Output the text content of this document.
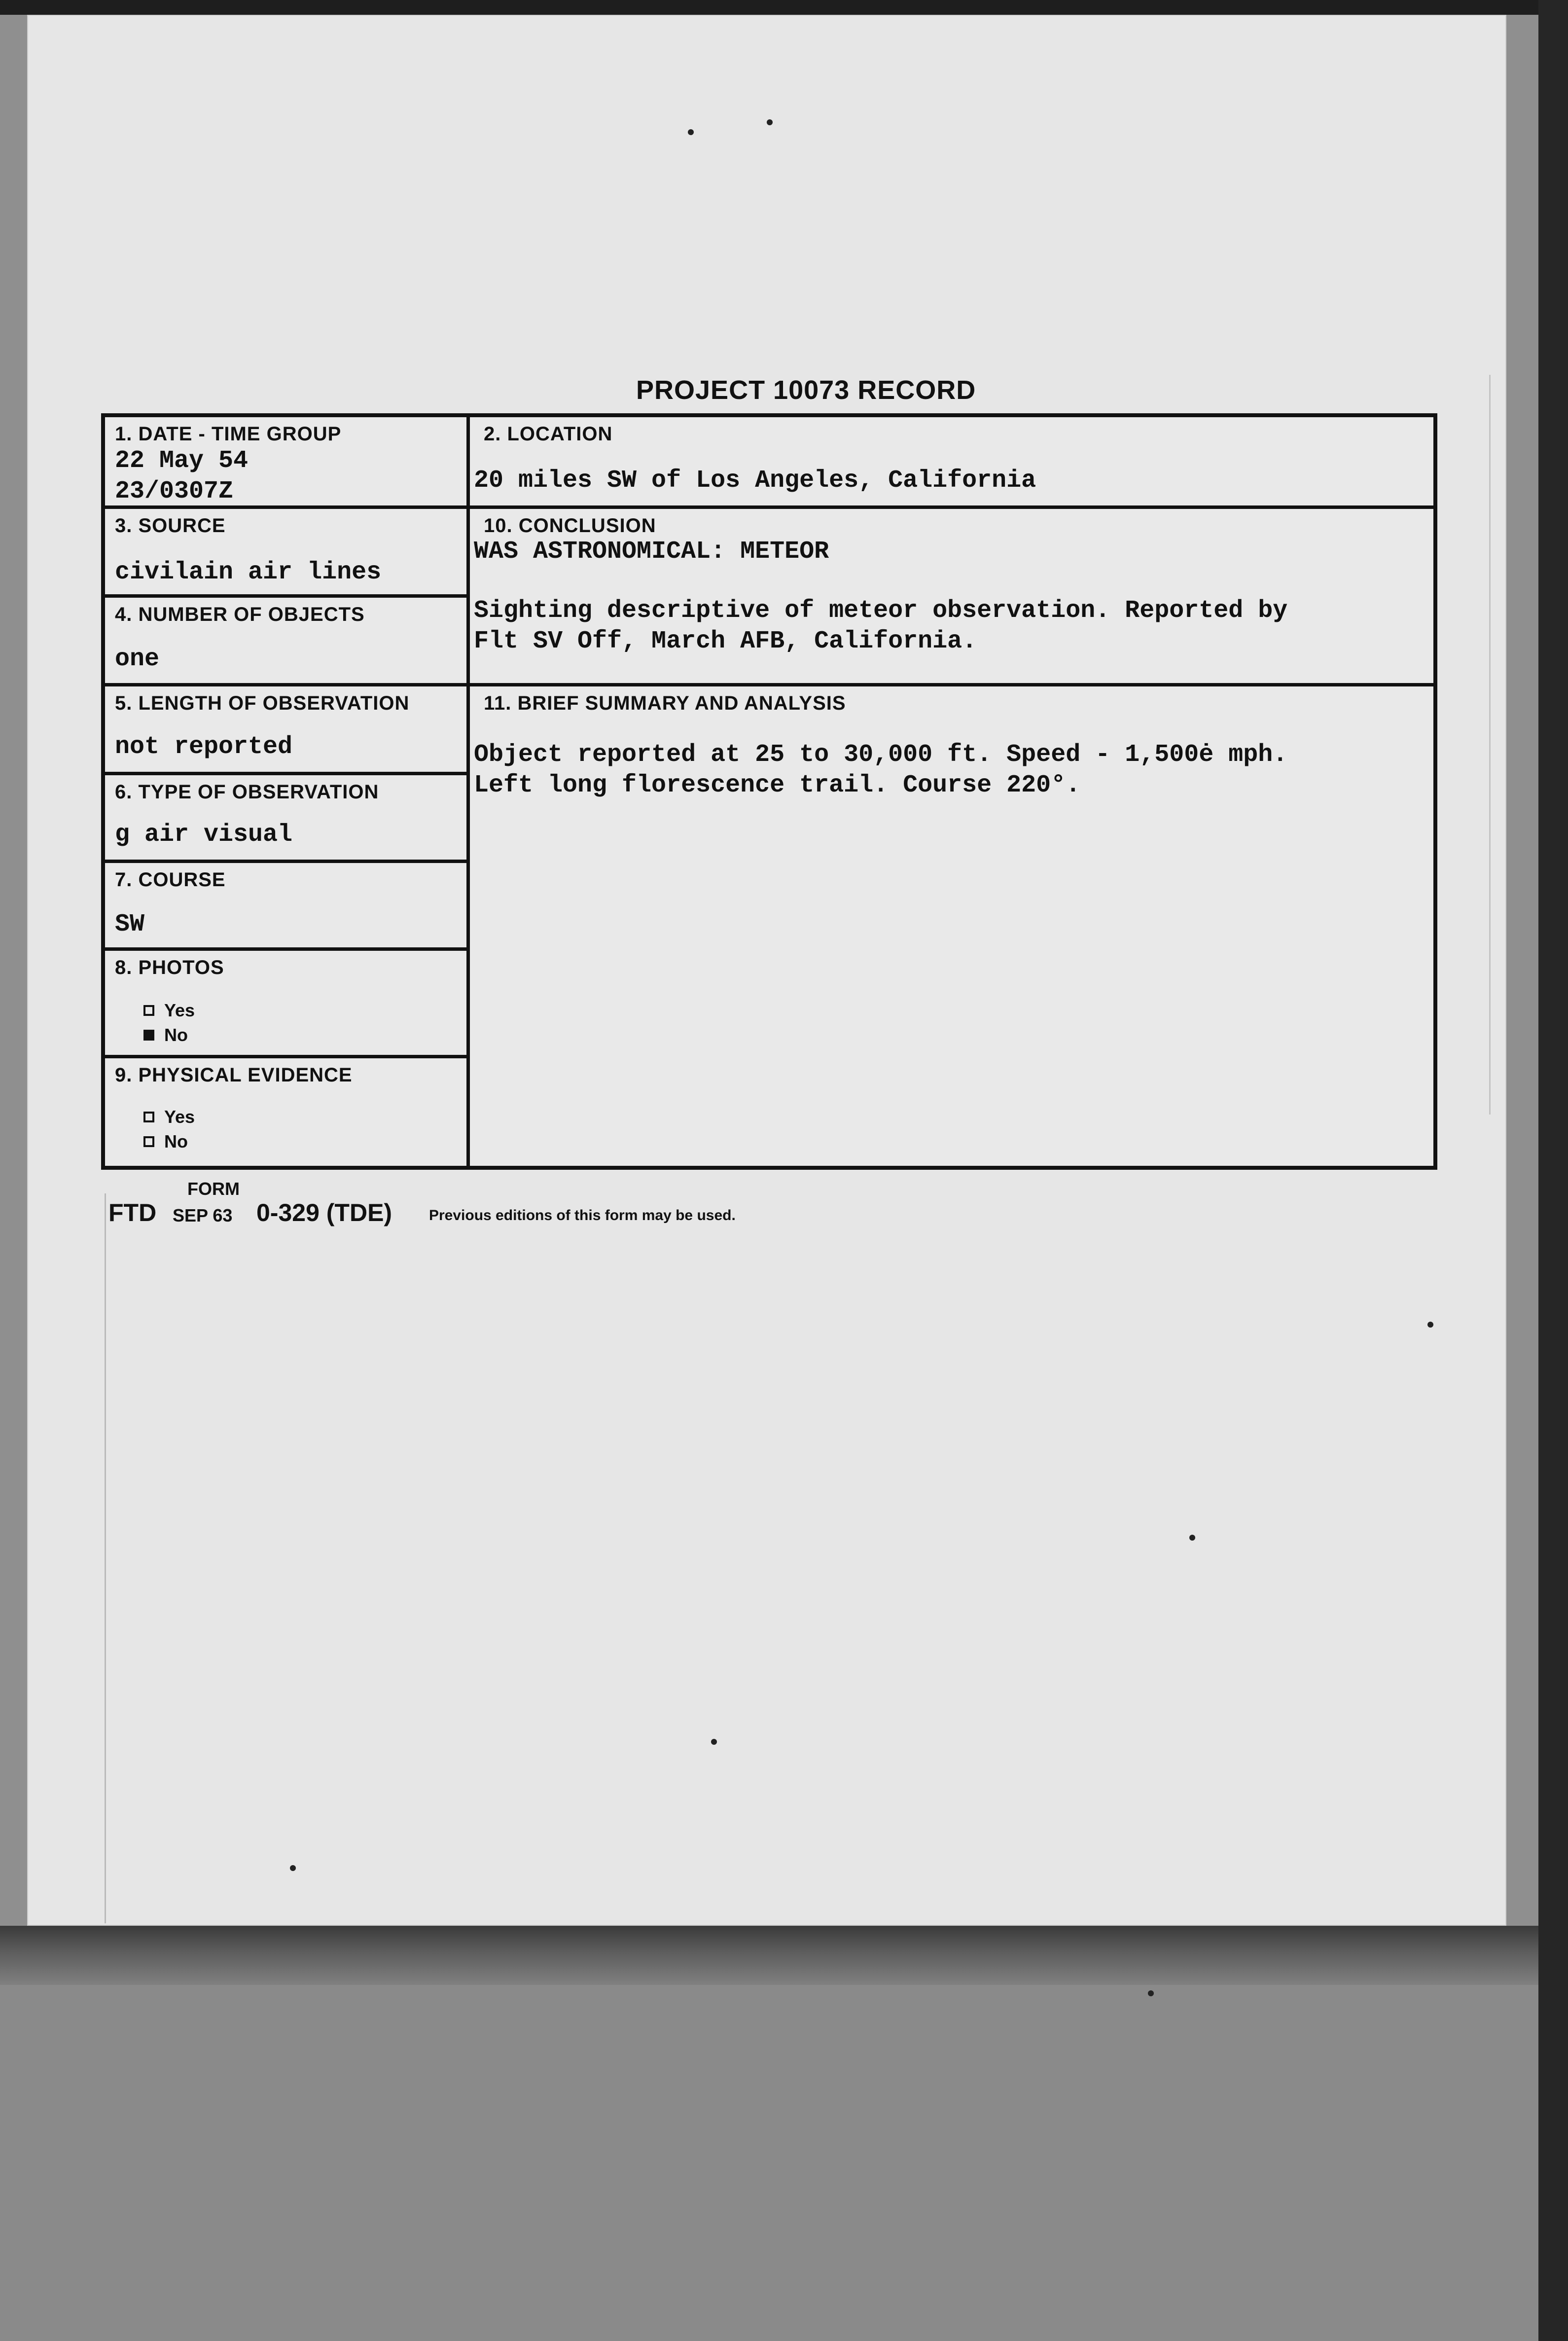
PROJECT 10073 RECORD
1. DATE - TIME GROUP
22 May 54
23/0307Z
3. SOURCE
civilain air lines
4. NUMBER OF OBJECTS
one
5. LENGTH OF OBSERVATION
not reported
6. TYPE OF OBSERVATION
g air visual
7. COURSE
SW
8. PHOTOS
Yes
No
9. PHYSICAL EVIDENCE
Yes
No
2. LOCATION
20 miles SW of Los Angeles, California
10. CONCLUSION
WAS ASTRONOMICAL: METEOR
Sighting descriptive of meteor observation. Reported by
Flt SV Off, March AFB, California.
11. BRIEF SUMMARY AND ANALYSIS
Object reported at 25 to 30,000 ft. Speed - 1,500ė mph.
Left long florescence trail. Course 220°.
FORM
FTD SEP 63 0-329 (TDE) Previous editions of this form may be used.
